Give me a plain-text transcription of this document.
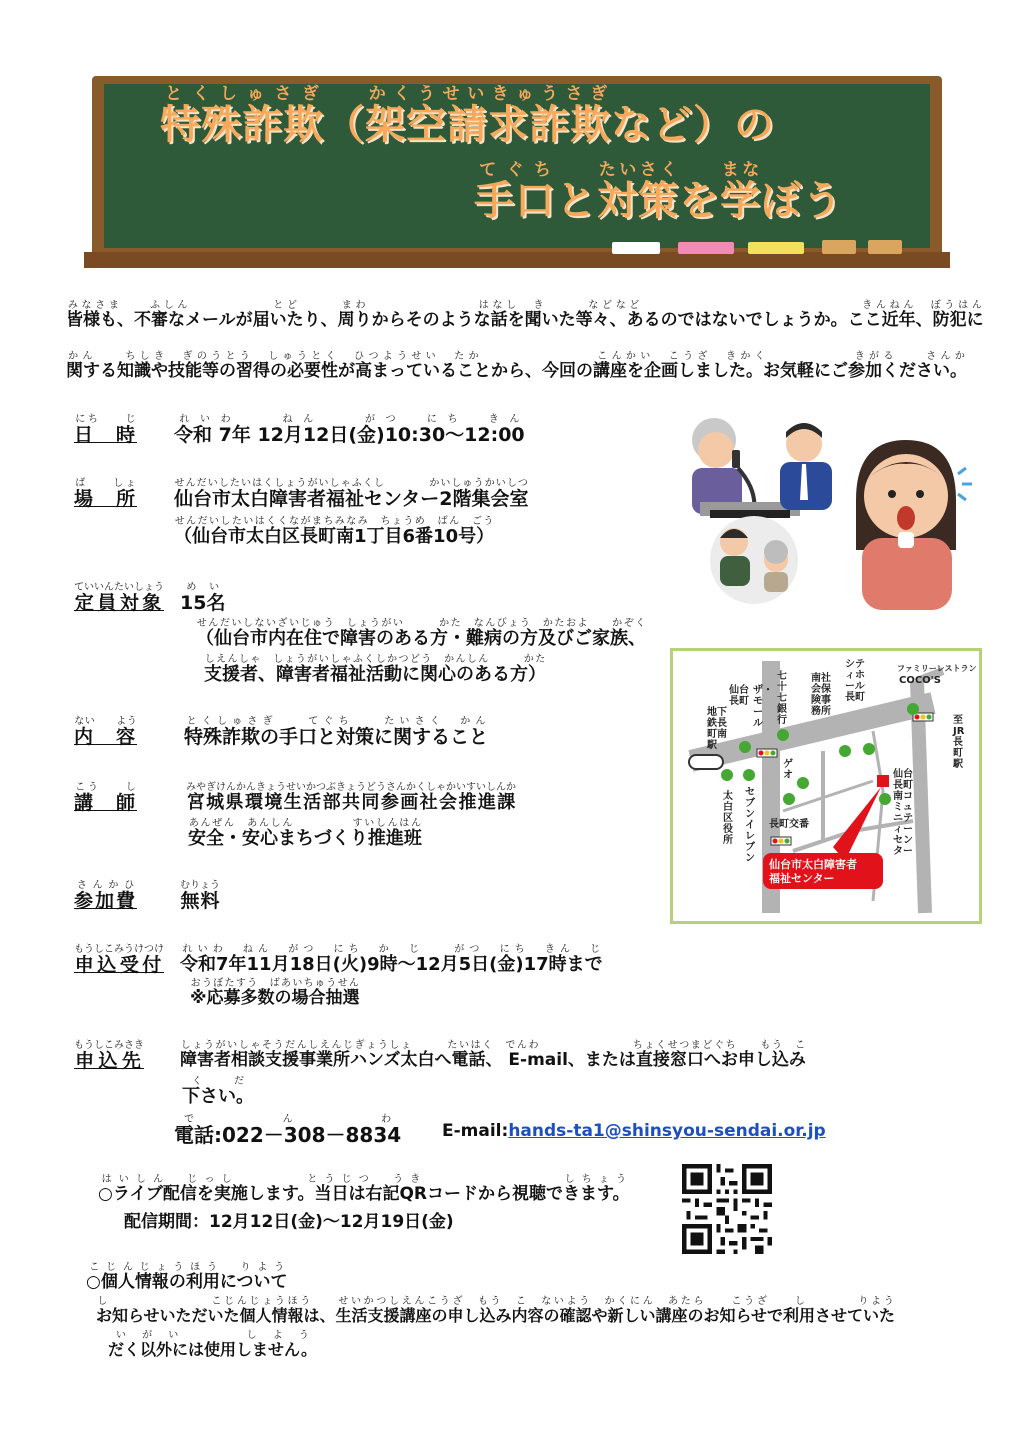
特殊詐欺とくしゅさぎ（架空請求詐欺かくうせいきゅうさぎなど）の
手口てぐちと対策たいさくを学まなぼう
皆様も、不審なメールが届いたり、周りからそのような話を聞いた等々、あるのではないでしょうか。ここ近年、防犯にみなさま　　ふしん　　　　　　とど　　　まわ　　　　　　　　はなし　き　　　などなど　　　　　　　　　　　　　　　　きんねん　ぼうはん
関する知識や技能等の習得の必要性が高まっていることから、今回の講座を企画しました。お気軽にご参加ください。かん　　ちしき　ぎのうとう　しゅうとく　ひつようせい　たか　　　　　　　　こんかい　こうざ　きかく　　　　　　きがる　　さんか
日　時にち　　じ
令和 7年 12月12日(金)10:30～12:00れいわ　　ねん　　がつ　にち　きん
場　所ば　　しょ
仙台市太白障害者福祉センター2階集会室せんだいしたいはくしょうがいしゃふくし　　　　かいしゅうかいしつ
（仙台市太白区長町南1丁目6番10号）せんだいしたいはくくながまちみなみ　ちょうめ　ばん　ごう
定員対象ていいんたいしょう
15名めい
（仙台市内在住で障害のある方・難病の方及びご家族、せんだいしないざいじゅう　しょうがい　　　かた　なんびょう　かたおよ　　かぞく
支援者、障害者福祉活動に関心のある方）しえんしゃ　しょうがいしゃふくしかつどう　かんしん　　　かた
内　容ない　　よう
特殊詐欺の手口と対策に関することとくしゅさぎ　　てぐち　　たいさく　かん
講　師こう　　し
宮城県環境生活部共同参画社会推進課みやぎけんかんきょうせいかつぶきょうどうさんかくしゃかいすいしんか
安全・安心まちづくり推進班あんぜん　あんしん　　　　　すいしんはん
参加費さんかひ
無料むりょう
申込受付もうしこみうけつけ
令和7年11月18日(火)9時～12月5日(金)17時までれいわ　ねん　がつ　にち　か　じ　　がつ　にち　きん　じ
※応募多数の場合抽選おうぼたすう　ばあいちゅうせん
申込先もうしこみさき
障害者相談支援事業所ハンズ太白へ電話、 E-mail、または直接窓口へお申し込みしょうがいしゃそうだんしえんじぎょうしょ　　　たいはく　でんわ　　　　　　　　ちょくせつまどぐち　　もう　こ
下さい。くだ
電話:022－308－8834でんわ
E-mail:hands-ta1@shinsyou-sendai.or.jp
○ライブ配信を実施します。当日は右記QRコードから視聴できます。はいしん　じっし　　　　とうじつ　うき　　　　　　　　しちょう
配信期間：12月12日(金)～12月19日(金)
○個人情報の利用についてこじんじょうほう　りよう
お知らせいただいた個人情報は、生活支援講座の申し込み内容の確認や新しい講座のお知らせで利用させていたし　　　　　　　　こじんじょうほう　　せいかつしえんこうざ　もう　こ　ないよう　かくにん　あたら　　こうざ　　し　　　　りよう
だく以外には使用しません。いがい　　しよう
七十七銀行
仙台長町
地下鉄長町南駅
ザ・モール
南社会保険事務所
シティホール長町
ファミリーレストラン
COCO'S
至JR長町駅
ゲオ
セブンイレブン
太白区役所
長町交番
仙台長町南コミュニティーセンター
仙台市太白障害者
福祉センター
